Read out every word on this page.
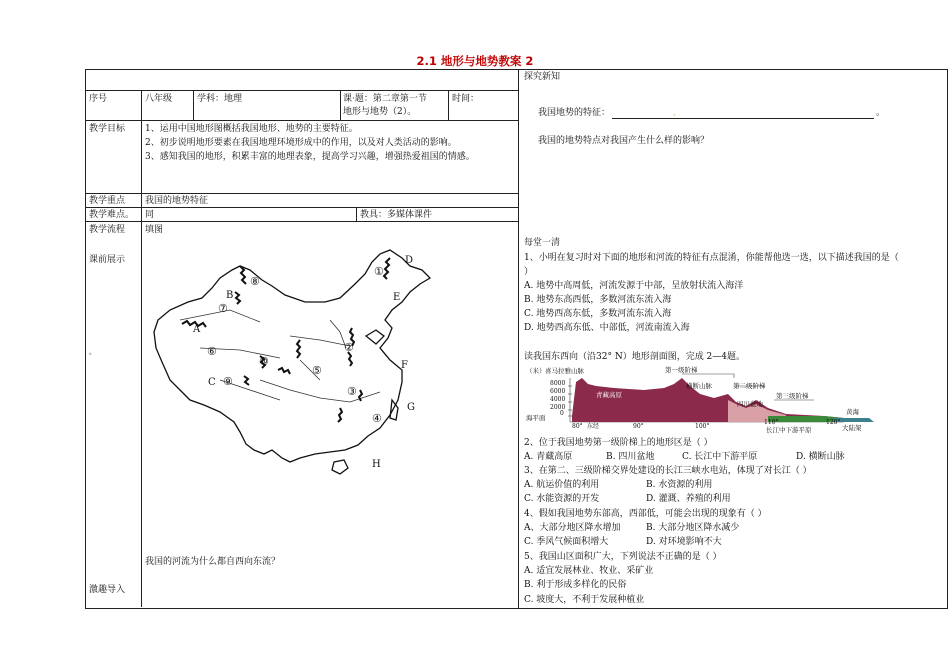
2.1 地形与地势教案 2
序号	八年级	学科：地理	课·题：第二章第一节
地形与地势（2）。
时间：
教学目标 1、运用中国地形图概括我国地形、地势的主要特征。
2、初步说明地形要素在我国地理环境形成中的作用，以及对人类活动的影响。
3、感知我国的地形，积累丰富的地理表象，提高学习兴趣，增强热爱祖国的情感。
教学重点 我国的地势特征
教学难点。 同	教具：多媒体课件
教学流程 填图
课前展示
。
激趣导入
我国的河流为什么都自西向东流？
A
B
C
D
E
F
G
H
①
②
③
④
⑤
⑥
⑦
⑧
⑨
⑩
探究新知
我国地势的特征：	。	。
我国的地势特点对我国产生什么样的影响？
每堂一清
1、小明在复习时对下面的地形和河流的特征有点混淆，你能帮他选一选，以下描述我国的是（
）
A. 地势中高周低，河流发源于中部，呈放射状流入海洋
B. 地势东高西低，多数河流东流入海
C. 地势西高东低，多数河流东流入海
D. 地势西高东低、中部低，河流南流入海
读我国东西向（沿32° N）地形剖面图，完成 2—4题。
（米） 喜马拉雅山脉	第一级阶梯
横断山脉	第二级阶梯
第三级阶梯
青藏高原
四川盆地
南京	黄海
长江中下游平原	大陆架
海平面
8000
6000
4000
2000
0
80° 东经	90°	100°
110°	120°
2、位于我国地势第一级阶梯上的地形区是（ ）
A. 青藏高原	B. 四川盆地	C. 长江中下游平原	D. 横断山脉
3、在第二、三级阶梯交界处建设的长江三峡水电站，体现了对长江（ ）
A. 航运价值的利用	B. 水资源的利用
C. 水能资源的开发	D. 灌溉、养殖的利用
4、假如我国地势东部高，西部低，可能会出现的现象有（ ）
A、大部分地区降水增加	B. 大部分地区降水减少
C. 季风气候面积增大	D. 对环境影响不大
5、我国山区面积广大，下列说法不正确的是（ ）
A. 适宜发展林业、牧业、采矿业
B. 利于形成多样化的民俗
C. 坡度大，不利于发展种植业
